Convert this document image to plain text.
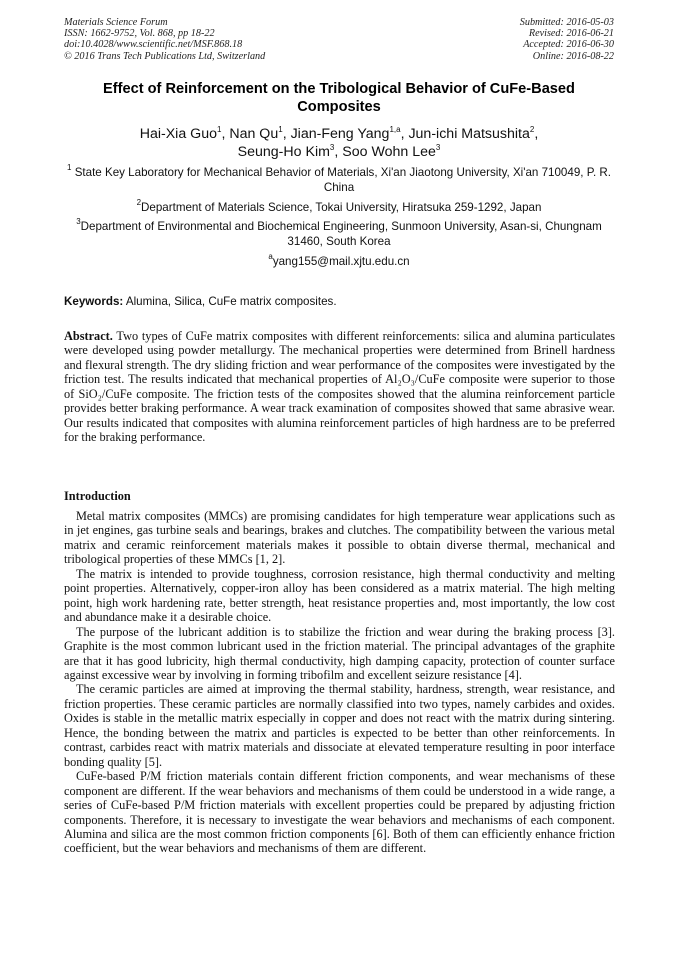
Materials Science Forum
ISSN: 1662-9752, Vol. 868, pp 18-22
doi:10.4028/www.scientific.net/MSF.868.18
© 2016 Trans Tech Publications Ltd, Switzerland
Submitted: 2016-05-03
Revised: 2016-06-21
Accepted: 2016-06-30
Online: 2016-08-22
Effect of Reinforcement on the Tribological Behavior of CuFe-Based Composites
Hai-Xia Guo$^1$, Nan Qu$^1$, Jian-Feng Yang$^{1,a}$, Jun-ichi Matsushita$^2$,
Seung-Ho Kim$^3$, Soo Wohn Lee$^3$
$^1$ State Key Laboratory for Mechanical Behavior of Materials, Xi'an Jiaotong University, Xi'an 710049, P. R. China
$^2$Department of Materials Science, Tokai University, Hiratsuka 259-1292, Japan
$^3$Department of Environmental and Biochemical Engineering, Sunmoon University, Asan-si, Chungnam 31460, South Korea
$^a$yang155@mail.xjtu.edu.cn
Keywords: Alumina, Silica, CuFe matrix composites.
Abstract. Two types of CuFe matrix composites with different reinforcements: silica and alumina particulates were developed using powder metallurgy. The mechanical properties were determined from Brinell hardness and flexural strength. The dry sliding friction and wear performance of the composites were investigated by the friction test. The results indicated that mechanical properties of Al₂O₃/CuFe composite were superior to those of SiO₂/CuFe composite. The friction tests of the composites showed that the alumina reinforcement particle provides better braking performance. A wear track examination of composites showed that same abrasive wear. Our results indicated that composites with alumina reinforcement particles of high hardness are to be preferred for the braking performance.
Introduction

Metal matrix composites (MMCs) are promising candidates for high temperature wear applications such as in jet engines, gas turbine seals and bearings, brakes and clutches. The compatibility between the various metal matrix and ceramic reinforcement materials makes it possible to obtain diverse thermal, mechanical and tribological properties of these MMCs [1, 2].

The matrix is intended to provide toughness, corrosion resistance, high thermal conductivity and melting point properties. Alternatively, copper-iron alloy has been considered as a matrix material. The high melting point, high work hardening rate, better strength, heat resistance properties and, most importantly, the low cost and abundance make it a desirable choice.

The purpose of the lubricant addition is to stabilize the friction and wear during the braking process [3]. Graphite is the most common lubricant used in the friction material. The principal advantages of the graphite are that it has good lubricity, high thermal conductivity, high damping capacity, protection of counter surface against excessive wear by involving in forming tribofilm and excellent seizure resistance [4].

The ceramic particles are aimed at improving the thermal stability, hardness, strength, wear resistance, and friction properties. These ceramic particles are normally classified into two types, namely carbides and oxides. Oxides is stable in the metallic matrix especially in copper and does not react with the matrix during sintering. Hence, the bonding between the matrix and particles is expected to be better than other reinforcements. In contrast, carbides react with matrix materials and dissociate at elevated temperature resulting in poor interface bonding quality [5].

CuFe-based P/M friction materials contain different friction components, and wear mechanisms of these component are different. If the wear behaviors and mechanisms of them could be understood in a wide range, a series of CuFe-based P/M friction materials with excellent properties could be prepared by adjusting friction components. Therefore, it is necessary to investigate the wear behaviors and mechanisms of each component. Alumina and silica are the most common friction components [6]. Both of them can efficiently enhance friction coefficient, but the wear behaviors and mechanisms of them are different.
